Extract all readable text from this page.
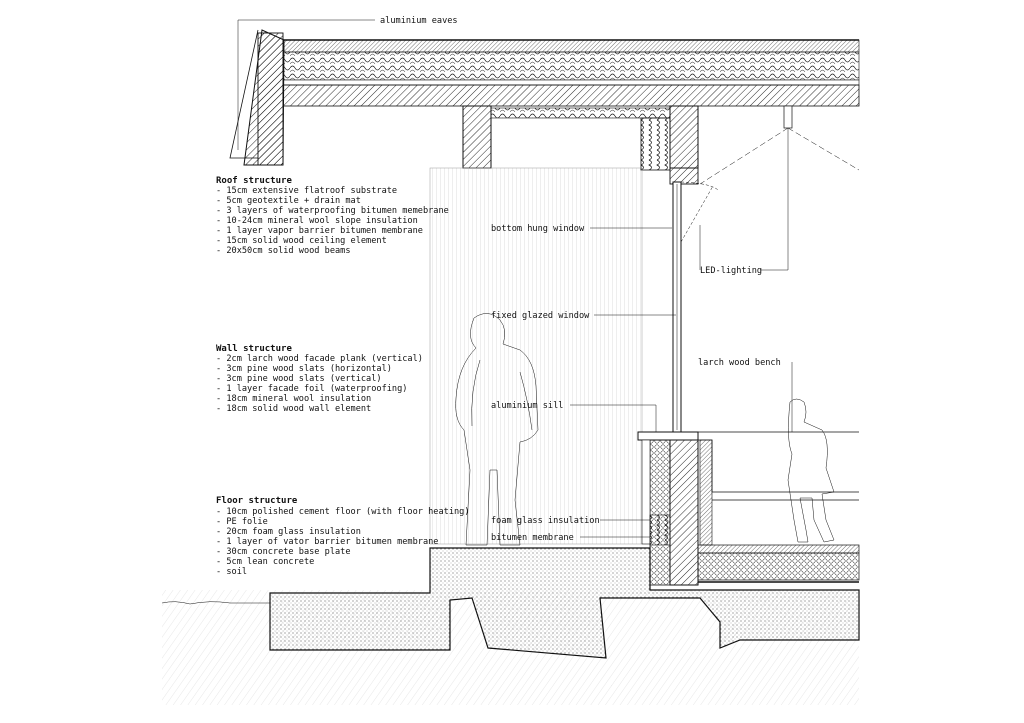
aluminium eaves
bottom hung window
LED-lighting
fixed glazed window
larch wood bench
aluminium sill
foam glass insulation
bitumen membrane
Roof structure
- 15cm extensive flatroof substrate
- 5cm geotextile + drain mat
- 3 layers of waterproofing bitumen memebrane
- 10-24cm mineral wool slope insulation
- 1 layer vapor barrier bitumen membrane
- 15cm solid wood ceiling element
- 20x50cm solid wood beams
Wall structure
- 2cm larch wood facade plank (vertical)
- 3cm pine wood slats (horizontal)
- 3cm pine wood slats (vertical)
- 1 layer facade foil (waterproofing)
- 18cm mineral wool insulation
- 18cm solid wood wall element
Floor structure
- 10cm polished cement floor (with floor heating)
- PE folie
- 20cm foam glass insulation
- 1 layer of vator barrier bitumen membrane
- 30cm concrete base plate
- 5cm lean concrete
- soil
